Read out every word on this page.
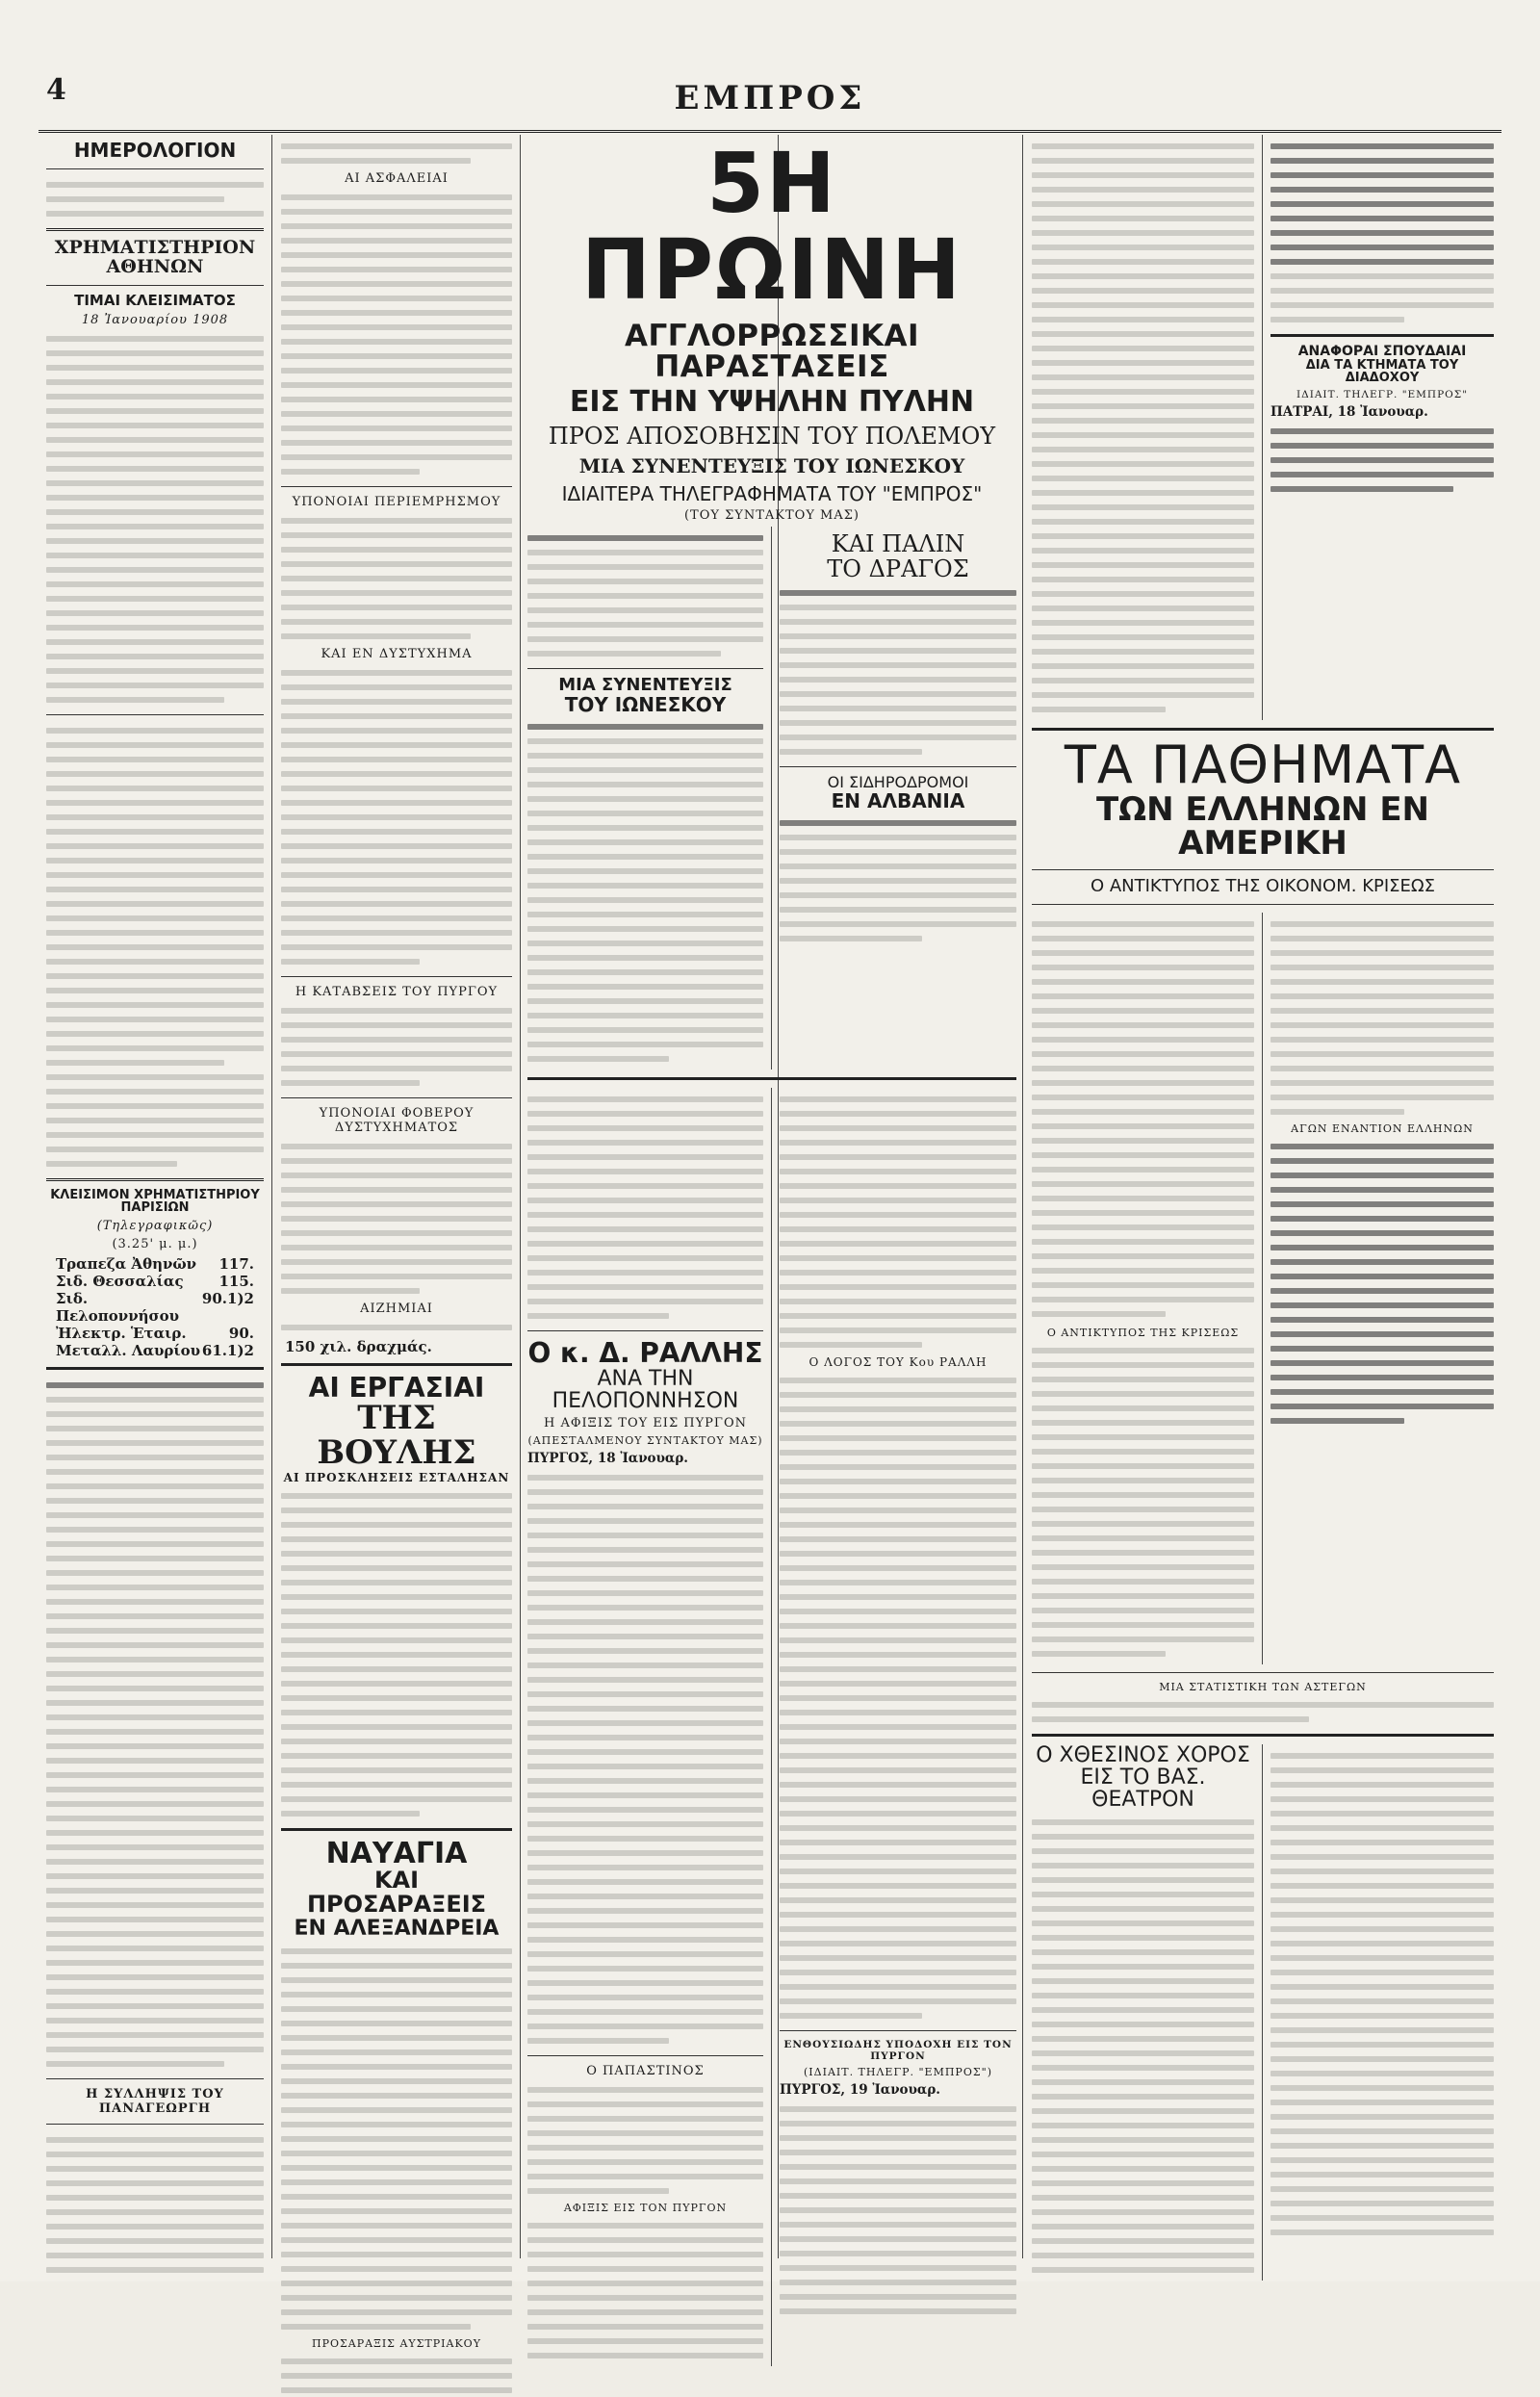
4	ΕΜΠΡΟΣ
ΗΜΕΡΟΛΟΓΙΟΝ
ΧΡΗΜΑΤΙΣΤΗΡΙΟΝ ΑΘΗΝΩΝ
ΤΙΜΑΙ ΚΛΕΙΣΙΜΑΤΟΣ
18 Ἰανουαρίου 1908
ΚΛΕΙΣΙΜΟΝ ΧΡΗΜΑΤΙΣΤΗΡΙΟΥ ΠΑΡΙΣΙΩΝ
(Τηλεγραφικῶς)
(3.25' μ. μ.)
Τραπεζα Ἀθηνῶν 117.
Σιδ. Θεσσαλίας 115.
Σιδ. Πελοποννήσου
90.1)2
Ἠλεκτρ. Ἑταιρ.	90.
Μεταλλ. Λαυρίου 61.1)2
Η ΣΥΛΛΗΨΙΣ ΤΟΥ ΠΑΝΑΓΕΩΡΓΗ
ΑΙ ΑΣΦΑΛΕΙΑΙ
ΥΠΟΝΟΙΑΙ ΠΕΡΙΕΜΡΗΣΜΟΥ
ΚΑΙ ΕΝ ΔΥΣΤΥΧΗΜΑ
Η ΚΑΤΑΒΣΕΙΣ ΤΟΥ ΠΥΡΓΟΥ
ΥΠΟΝΟΙΑΙ ΦΟΒΕΡΟΥ ΔΥΣΤΥΧΗΜΑΤΟΣ
ΑΙΖΗΜΙΑΙ
150 χιλ. δραχμάς.
ΑΙ ΕΡΓΑΣΙΑΙ
ΤΗΣ ΒΟΥΛΗΣ
ΑΙ ΠΡΟΣΚΛΗΣΕΙΣ ΕΣΤΑΛΗΣΑΝ
ΝΑΥΑΓΙΑ
ΚΑΙ ΠΡΟΣΑΡΑΞΕΙΣ
ΕΝ ΑΛΕΞΑΝΔΡΕΙΑ
ΠΡΟΣΑΡΑΞΙΣ ΑΥΣΤΡΙΑΚΟΥ
5Η ΠΡΩΙΝΗ
ΑΓΓΛΟΡΡΩΣΣΙΚΑΙ ΠΑΡΑΣΤΑΣΕΙΣ
ΕΙΣ ΤΗΝ ΥΨΗΛΗΝ ΠΥΛΗΝ
ΠΡΟΣ ΑΠΟΣΟΒΗΣΙΝ ΤΟΥ ΠΟΛΕΜΟΥ
ΜΙΑ ΣΥΝΕΝΤΕΥΞΙΣ ΤΟΥ ΙΩΝΕΣΚΟΥ
ΙΔΙΑΙΤΕΡΑ ΤΗΛΕΓΡΑΦΗΜΑΤΑ ΤΟΥ "ΕΜΠΡΟΣ"
(ΤΟΥ ΣΥΝΤΑΚΤΟΥ ΜΑΣ)
ΜΙΑ ΣΥΝΕΝΤΕΥΞΙΣ
ΤΟΥ ΙΩΝΕΣΚΟΥ
ΚΑΙ ΠΑΛΙΝ
ΤΟ ΔΡΑΓΟΣ
ΟΙ ΣΙΔΗΡΟΔΡΟΜΟΙ
ΕΝ ΑΛΒΑΝΙΑ
Ο κ. Δ. ΡΑΛΛΗΣ
ΑΝΑ ΤΗΝ ΠΕΛΟΠΟΝΝΗΣΟΝ
Η ΑΦΙΞΙΣ ΤΟΥ ΕΙΣ ΠΥΡΓΟΝ
(ΑΠΕΣΤΑΛΜΕΝΟΥ ΣΥΝΤΑΚΤΟΥ ΜΑΣ)
ΠΥΡΓΟΣ, 18 Ἰανουαρ.
Ο ΠΑΠΑΣΤΙΝΟΣ
ΑΦΙΞΙΣ ΕΙΣ ΤΟΝ ΠΥΡΓΟΝ
Ο ΛΟΓΟΣ ΤΟΥ Κου ΡΑΛΛΗ
ΕΝΘΟΥΣΙΩΔΗΣ ΥΠΟΔΟΧΗ ΕΙΣ ΤΟΝ ΠΥΡΓΟΝ
(ΙΔΙΑΙΤ. ΤΗΛΕΓΡ. "ΕΜΠΡΟΣ")
ΠΥΡΓΟΣ, 19 Ἰανουαρ.
ΑΝΑΦΟΡΑΙ ΣΠΟΥΔΑΙΑΙ
ΔΙΑ ΤΑ ΚΤΗΜΑΤΑ ΤΟΥ ΔΙΑΔΟΧΟΥ
ΙΔΙΑΙΤ. ΤΗΛΕΓΡ. "ΕΜΠΡΟΣ"
ΠΑΤΡΑΙ, 18 Ἰανουαρ.
ΤΑ ΠΑΘΗΜΑΤΑ
ΤΩΝ ΕΛΛΗΝΩΝ ΕΝ ΑΜΕΡΙΚΗ
Ο ΑΝΤΙΚΤΥΠΟΣ ΤΗΣ ΟΙΚΟΝΟΜ. ΚΡΙΣΕΩΣ
Ο ΑΝΤΙΚΤΥΠΟΣ ΤΗΣ ΚΡΙΣΕΩΣ
ΑΓΩΝ ΕΝΑΝΤΙΟΝ ΕΛΛΗΝΩΝ
ΜΙΑ ΣΤΑΤΙΣΤΙΚΗ ΤΩΝ ΑΣΤΕΓΩΝ
Ο ΧΘΕΣΙΝΟΣ ΧΟΡΟΣ
ΕΙΣ ΤΟ ΒΑΣ. ΘΕΑΤΡΟΝ
